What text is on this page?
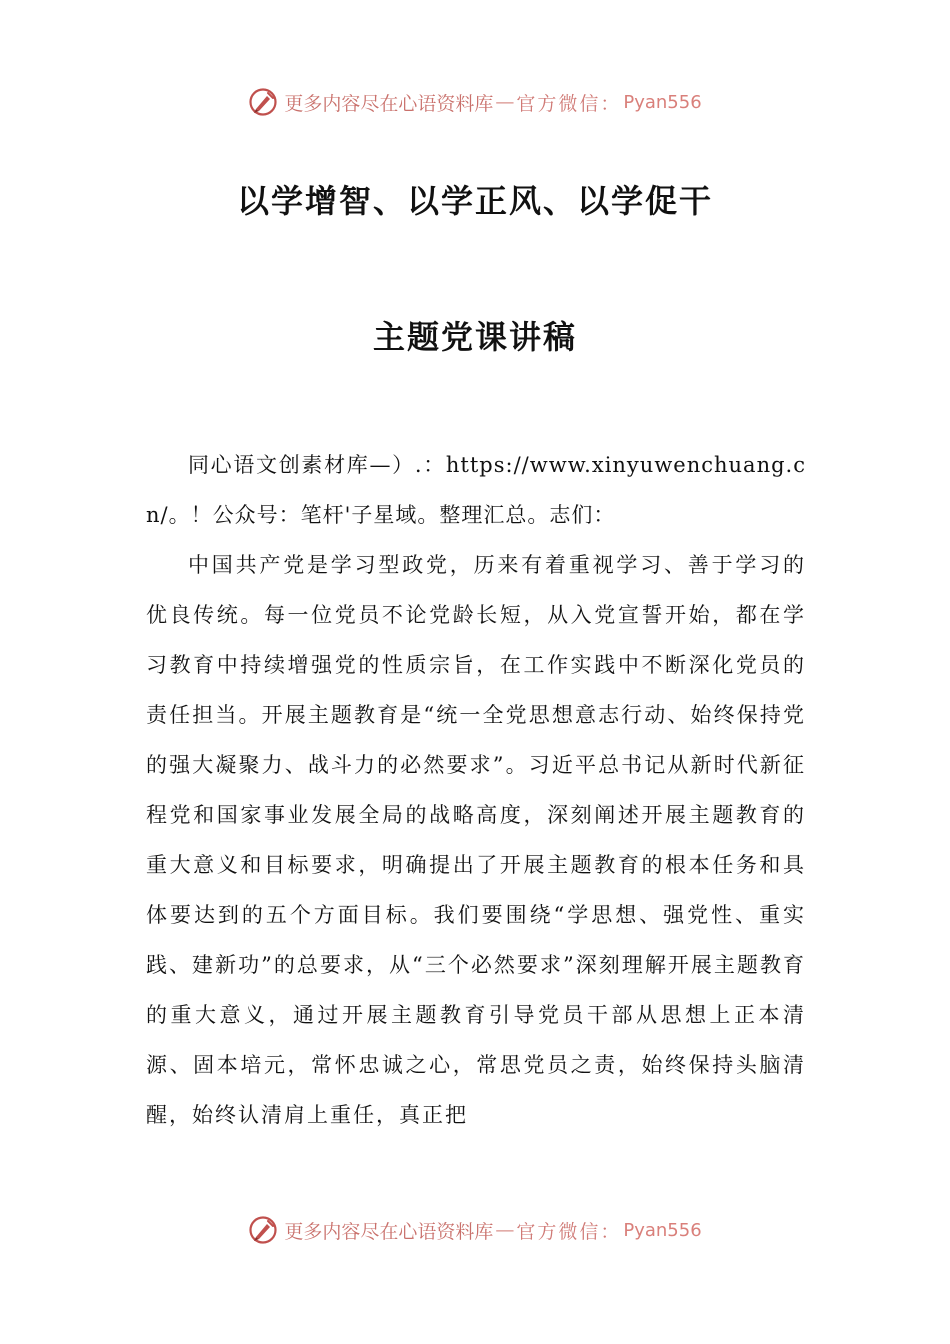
更多内容尽在心语资料库 — 官方微信： Pyan556
以学增智、以学正风、以学促干
主题党课讲稿

同心语文创素材库—）.：https://www.xinyuwenchuang.cn/。！公众号：笔杆'子星域。整理汇总。志们：

中国共产党是学习型政党，历来有着重视学习、善于学习的优良传统。每一位党员不论党龄长短，从入党宣誓开始，都在学习教育中持续增强党的性质宗旨，在工作实践中不断深化党员的责任担当。开展主题教育是“统一全党思想意志行动、始终保持党的强大凝聚力、战斗力的必然要求”。习近平总书记从新时代新征程党和国家事业发展全局的战略高度，深刻阐述开展主题教育的重大意义和目标要求，明确提出了开展主题教育的根本任务和具体要达到的五个方面目标。我们要围绕“学思想、强党性、重实践、建新功”的总要求，从“三个必然要求”深刻理解开展主题教育的重大意义，通过开展主题教育引导党员干部从思想上正本清源、固本培元，常怀忠诚之心，常思党员之责，始终保持头脑清醒，始终认清肩上重任，真正把

更多内容尽在心语资料库 — 官方微信： Pyan556
